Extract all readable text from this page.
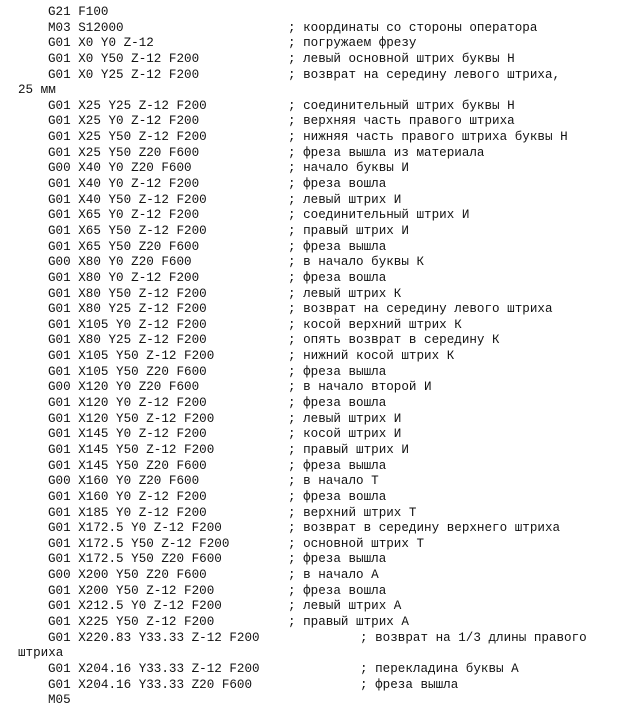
G21 F100
M03 S12000	; координаты со стороны оператора
G01 X0 Y0 Z-12	; погружаем фрезу
G01 X0 Y50 Z-12 F200	; левый основной штрих буквы Н
G01 X0 Y25 Z-12 F200	; возврат на середину левого штриха,
25 мм
G01 X25 Y25 Z-12 F200	; соединительный штрих буквы Н
G01 X25 Y0 Z-12 F200	; верхняя часть правого штриха
G01 X25 Y50 Z-12 F200	; нижняя часть правого штриха буквы Н
G01 X25 Y50 Z20 F600	; фреза вышла из материала
G00 X40 Y0 Z20 F600	; начало буквы И
G01 X40 Y0 Z-12 F200	; фреза вошла
G01 X40 Y50 Z-12 F200	; левый штрих И
G01 X65 Y0 Z-12 F200	; соединительный штрих И
G01 X65 Y50 Z-12 F200	; правый штрих И
G01 X65 Y50 Z20 F600	; фреза вышла
G00 X80 Y0 Z20 F600	; в начало буквы К
G01 X80 Y0 Z-12 F200	; фреза вошла
G01 X80 Y50 Z-12 F200	; левый штрих К
G01 X80 Y25 Z-12 F200	; возврат на середину левого штриха
G01 X105 Y0 Z-12 F200	; косой верхний штрих К
G01 X80 Y25 Z-12 F200	; опять возврат в середину К
G01 X105 Y50 Z-12 F200	; нижний косой штрих К
G01 X105 Y50 Z20 F600	; фреза вышла
G00 X120 Y0 Z20 F600	; в начало второй И
G01 X120 Y0 Z-12 F200	; фреза вошла
G01 X120 Y50 Z-12 F200	; левый штрих И
G01 X145 Y0 Z-12 F200	; косой штрих И
G01 X145 Y50 Z-12 F200	; правый штрих И
G01 X145 Y50 Z20 F600	; фреза вышла
G00 X160 Y0 Z20 F600	; в начало Т
G01 X160 Y0 Z-12 F200	; фреза вошла
G01 X185 Y0 Z-12 F200	; верхний штрих Т
G01 X172.5 Y0 Z-12 F200	; возврат в середину верхнего штриха
G01 X172.5 Y50 Z-12 F200	; основной штрих Т
G01 X172.5 Y50 Z20 F600	; фреза вышла
G00 X200 Y50 Z20 F600	; в начало А
G01 X200 Y50 Z-12 F200	; фреза вошла
G01 X212.5 Y0 Z-12 F200	; левый штрих А
G01 X225 Y50 Z-12 F200	; правый штрих А
G01 X220.83 Y33.33 Z-12 F200	; возврат на 1/3 длины правого
штриха
G01 X204.16 Y33.33 Z-12 F200	; перекладина буквы А
G01 X204.16 Y33.33 Z20 F600	; фреза вышла
M05
